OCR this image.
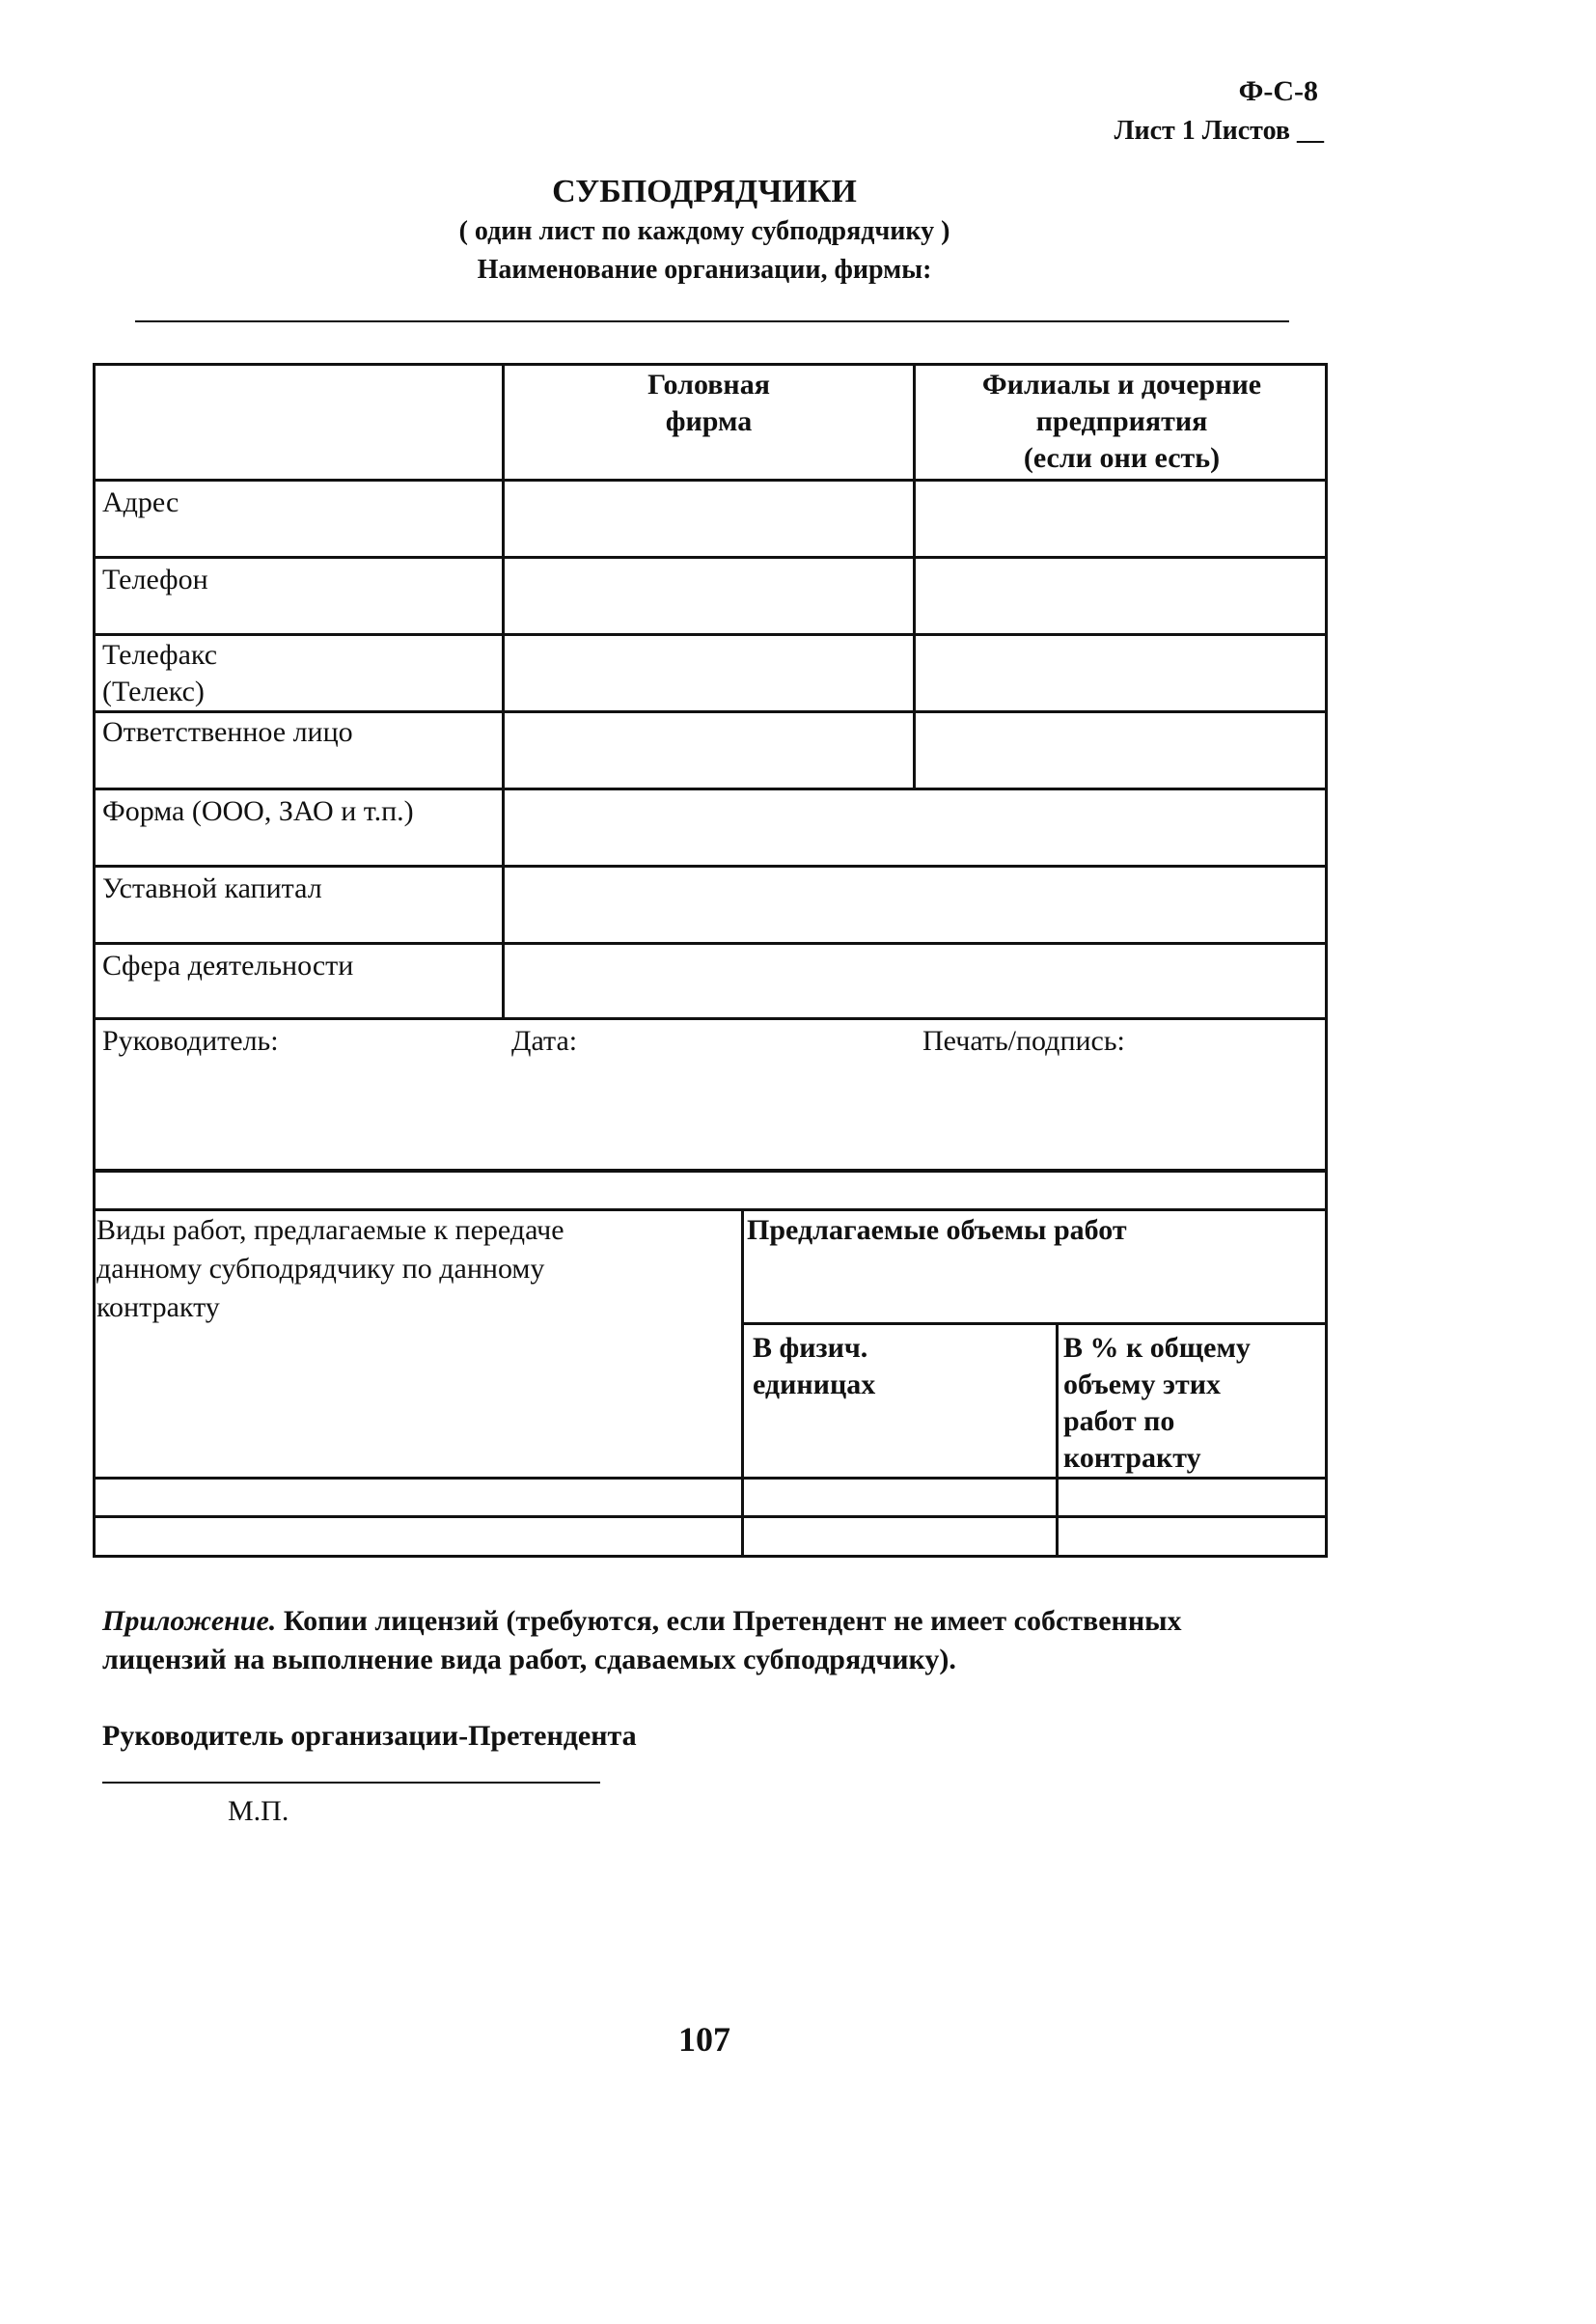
Ф-С-8
Лист 1 Листов __
СУБПОДРЯДЧИКИ
( один лист по каждому субподрядчику )
Наименование организации, фирмы:
Головная
фирма
Филиалы и дочерние
предприятия
(если они есть)
Адрес
Телефон
Телефакс
(Телекс)
Ответственное лицо
Форма (ООО, ЗАО и т.п.)
Уставной капитал
Сфера деятельности
Руководитель:	Дата:	Печать/подпись:
Виды работ, предлагаемые к передаче
данному субподрядчику по данному
контракту
Предлагаемые объемы работ
В физич.
единицах
В % к общему
объему этих
работ по
контракту
Приложение. Копии лицензий (требуются, если Претендент не имеет собственных
лицензий на выполнение вида работ, сдаваемых субподрядчику).
Руководитель организации-Претендента
М.П.
107
